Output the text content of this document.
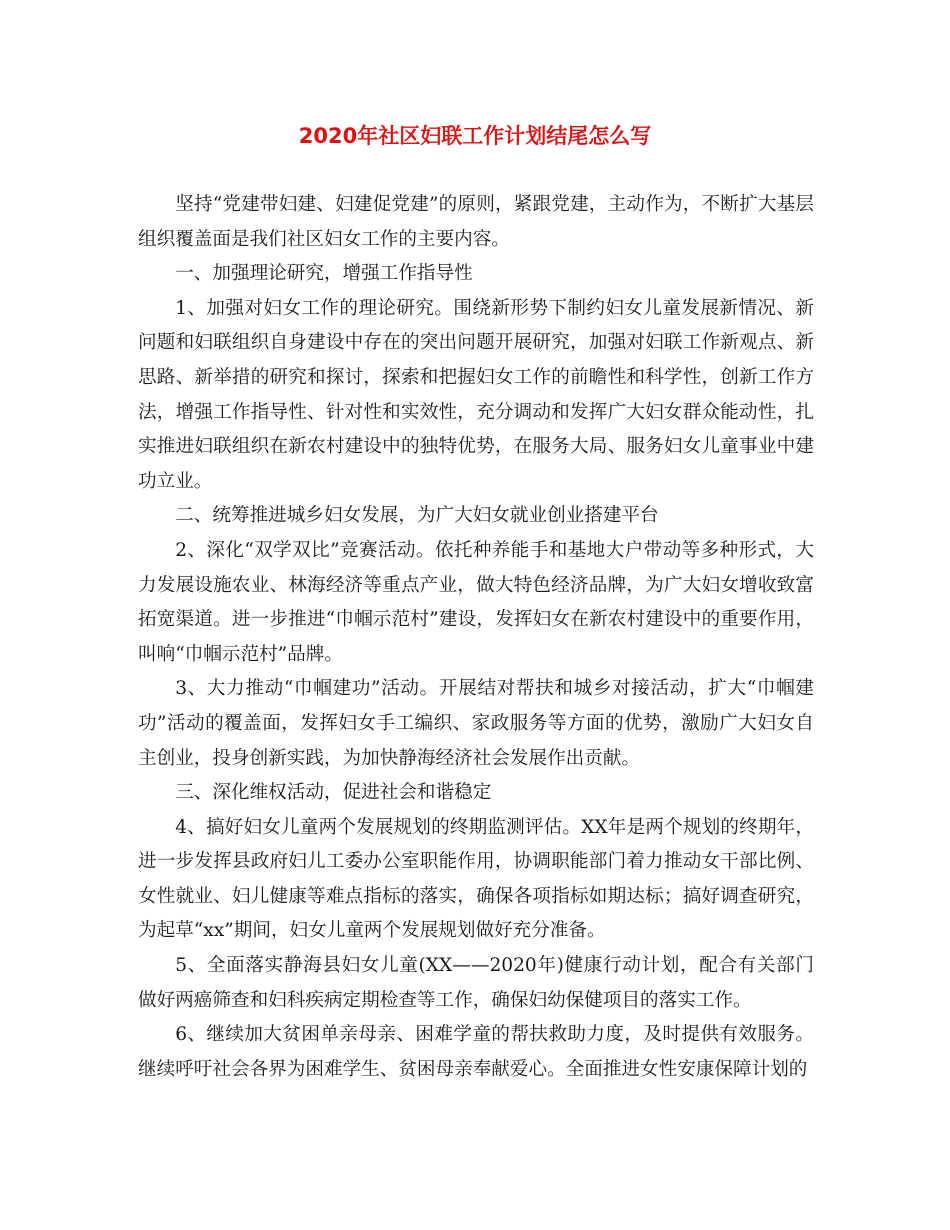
2020年社区妇联工作计划结尾怎么写

坚持“党建带妇建、妇建促党建”的原则，紧跟党建，主动作为，不断扩大基层组织覆盖面是我们社区妇女工作的主要内容。

一、加强理论研究，增强工作指导性

1、加强对妇女工作的理论研究。围绕新形势下制约妇女儿童发展新情况、新问题和妇联组织自身建设中存在的突出问题开展研究，加强对妇联工作新观点、新思路、新举措的研究和探讨，探索和把握妇女工作的前瞻性和科学性，创新工作方法，增强工作指导性、针对性和实效性，充分调动和发挥广大妇女群众能动性，扎实推进妇联组织在新农村建设中的独特优势，在服务大局、服务妇女儿童事业中建功立业。

二、统筹推进城乡妇女发展，为广大妇女就业创业搭建平台

2、深化“双学双比”竞赛活动。依托种养能手和基地大户带动等多种形式，大力发展设施农业、林海经济等重点产业，做大特色经济品牌，为广大妇女增收致富拓宽渠道。进一步推进“巾帼示范村”建设，发挥妇女在新农村建设中的重要作用，叫响“巾帼示范村”品牌。

3、大力推动“巾帼建功”活动。开展结对帮扶和城乡对接活动，扩大“巾帼建功”活动的覆盖面，发挥妇女手工编织、家政服务等方面的优势，激励广大妇女自主创业，投身创新实践，为加快静海经济社会发展作出贡献。

三、深化维权活动，促进社会和谐稳定

4、搞好妇女儿童两个发展规划的终期监测评估。XX年是两个规划的终期年，进一步发挥县政府妇儿工委办公室职能作用，协调职能部门着力推动女干部比例、女性就业、妇儿健康等难点指标的落实，确保各项指标如期达标；搞好调查研究，为起草“xx”期间，妇女儿童两个发展规划做好充分准备。

5、全面落实静海县妇女儿童(XX——2020年)健康行动计划，配合有关部门做好两癌筛查和妇科疾病定期检查等工作，确保妇幼保健项目的落实工作。

6、继续加大贫困单亲母亲、困难学童的帮扶救助力度，及时提供有效服务。继续呼吁社会各界为困难学生、贫困母亲奉献爱心。全面推进女性安康保障计划的
